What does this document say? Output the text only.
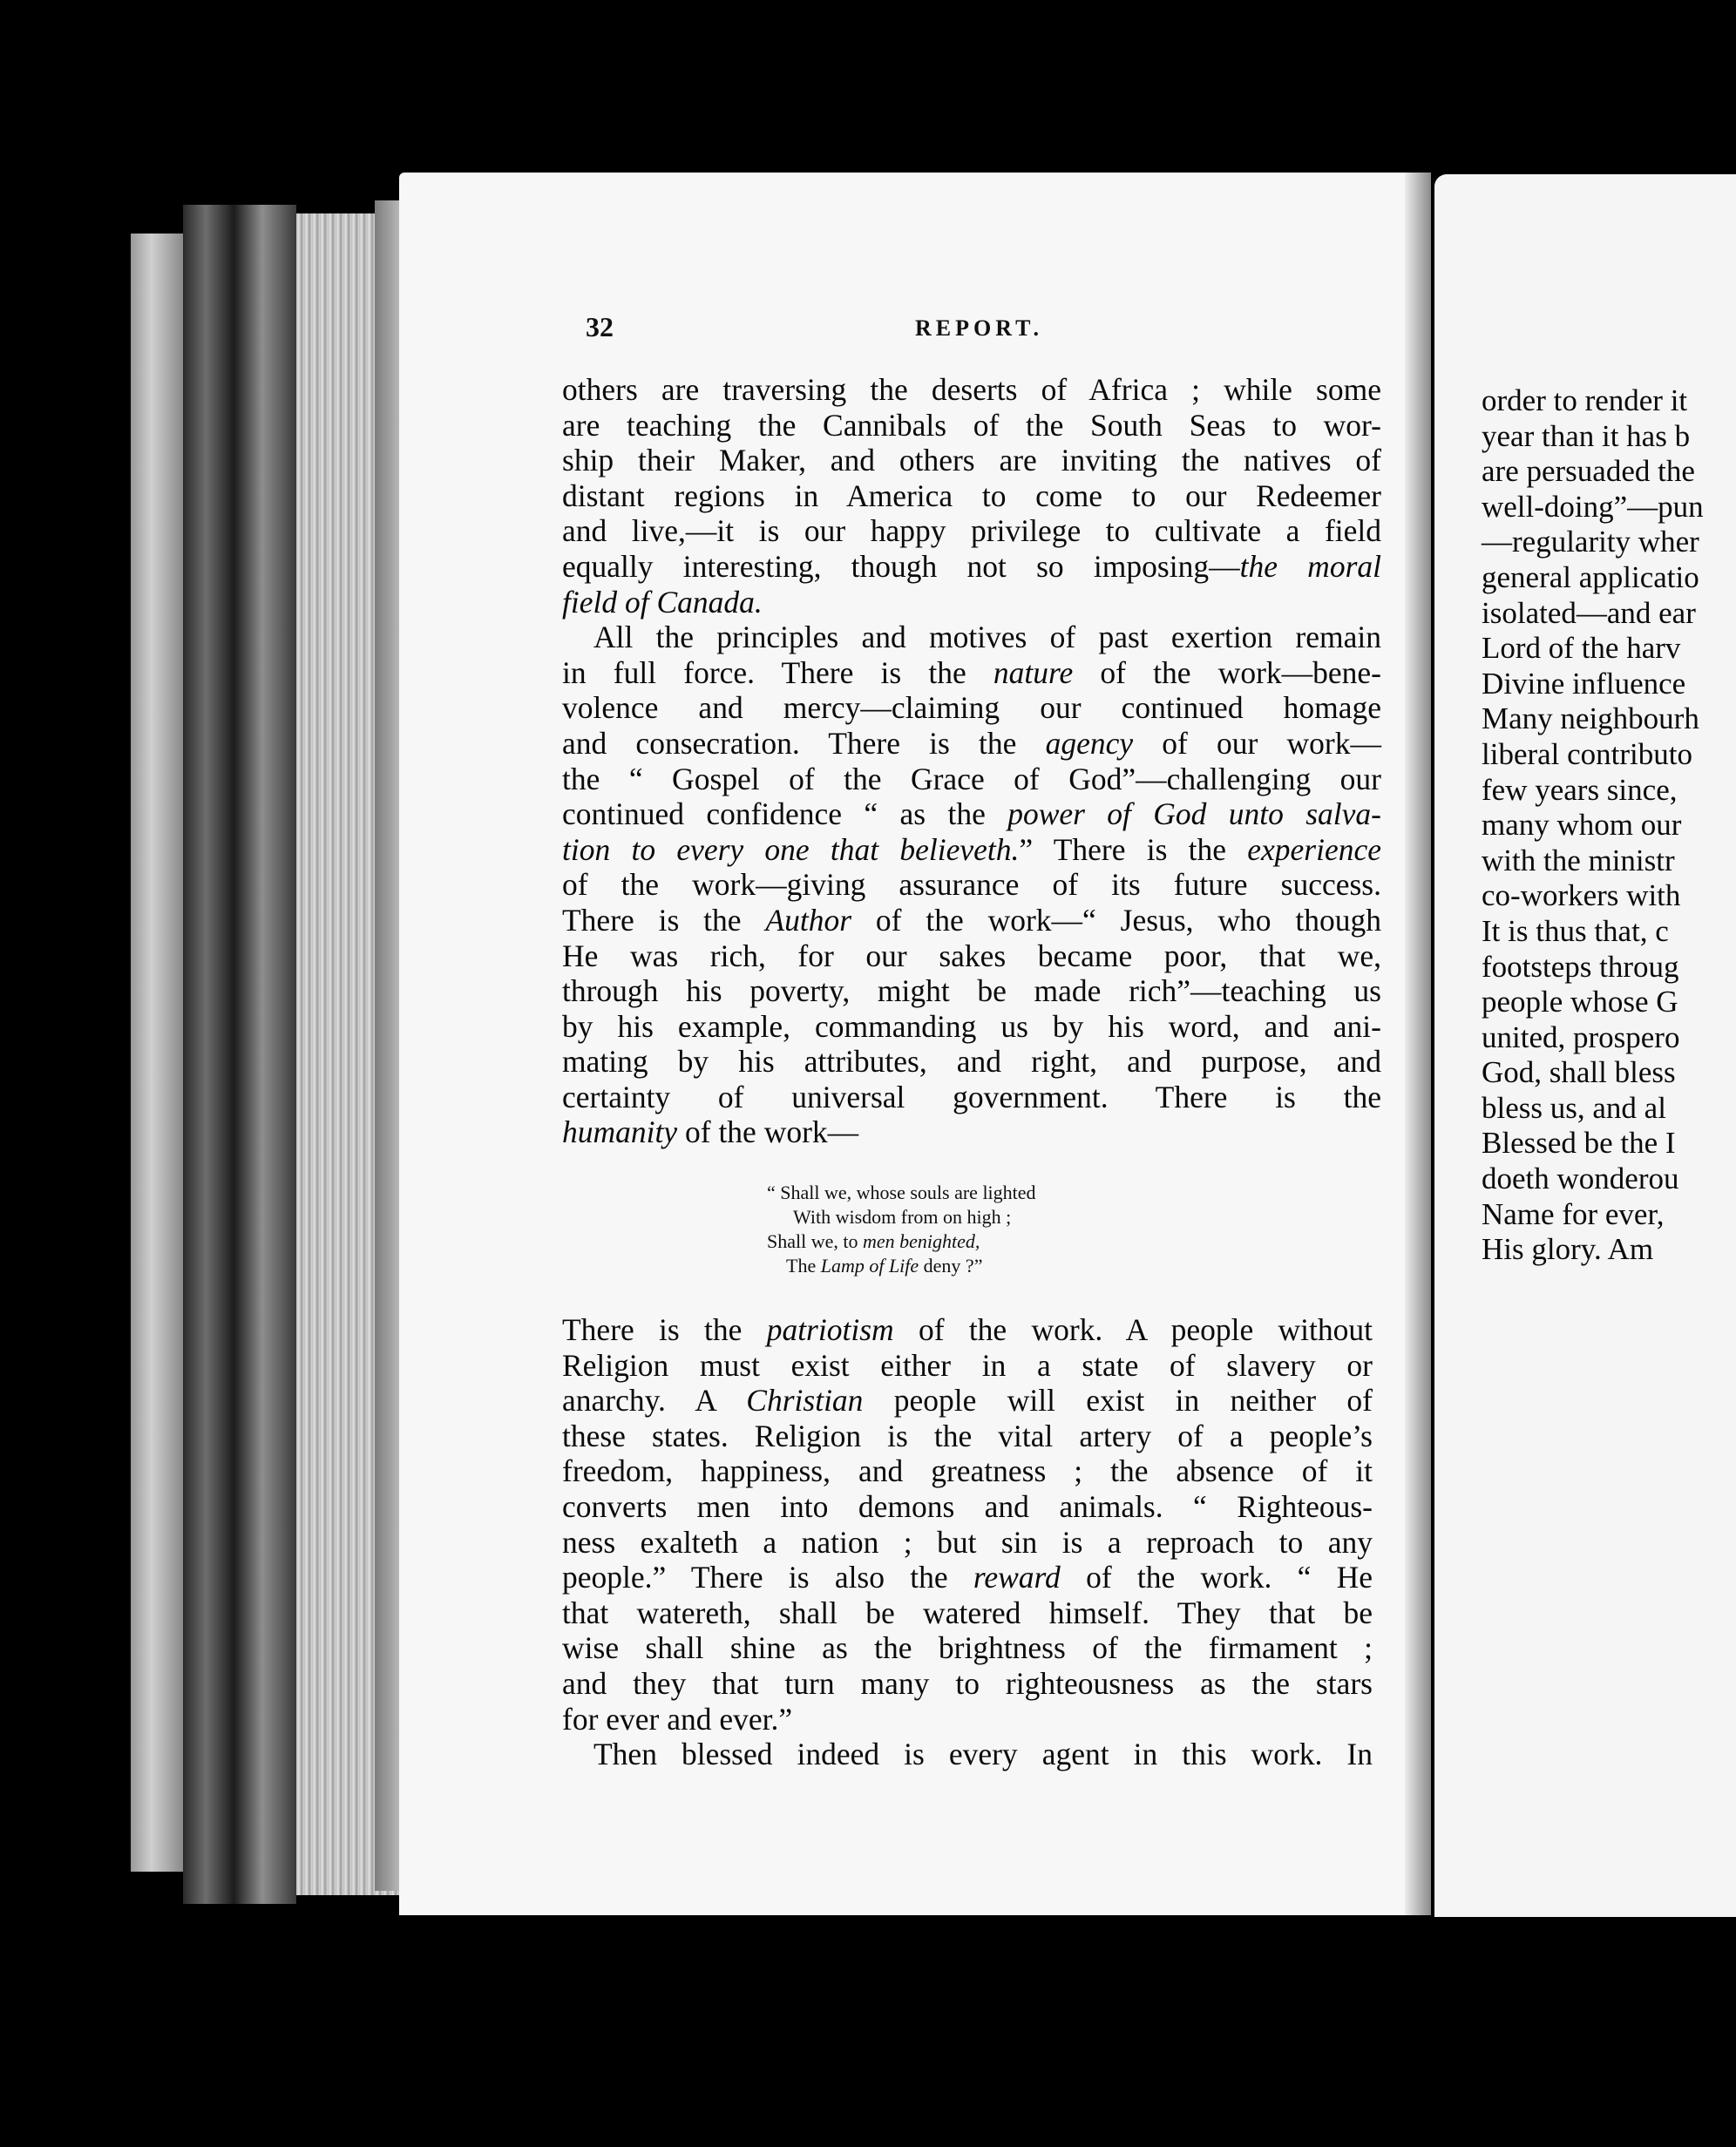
32	REPORT.
others are traversing the deserts of Africa ; while some
are teaching the Cannibals of the South Seas to wor-
ship their Maker, and others are inviting the natives of
distant regions in America to come to our Redeemer
and live,—it is our happy privilege to cultivate a field
equally interesting, though not so imposing—the moral
field of Canada.
All the principles and motives of past exertion remain
in full force. There is the nature of the work—bene-
volence and mercy—claiming our continued homage
and consecration. There is the agency of our work—
the “ Gospel of the Grace of God”—challenging our
continued confidence “ as the power of God unto salva-
tion to every one that believeth.” There is the experience
of the work—giving assurance of its future success.
There is the Author of the work—“ Jesus, who though
He was rich, for our sakes became poor, that we,
through his poverty, might be made rich”—teaching us
by his example, commanding us by his word, and ani-
mating by his attributes, and right, and purpose, and
certainty of universal government. There is the
humanity of the work—
“ Shall we, whose souls are lighted
With wisdom from on high ;
Shall we, to men benighted,
The Lamp of Life deny ?”
There is the patriotism of the work. A people without
Religion must exist either in a state of slavery or
anarchy. A Christian people will exist in neither of
these states. Religion is the vital artery of a people’s
freedom, happiness, and greatness ; the absence of it
converts men into demons and animals. “ Righteous-
ness exalteth a nation ; but sin is a reproach to any
people.” There is also the reward of the work. “ He
that watereth, shall be watered himself. They that be
wise shall shine as the brightness of the firmament ;
and they that turn many to righteousness as the stars
for ever and ever.”
Then blessed indeed is every agent in this work. In
order to render it
year than it has b
are persuaded the
well-doing”—pun
—regularity wher
general applicatio
isolated—and ear
Lord of the harv
Divine influence
Many neighbourh
liberal contributo
few years since,
many whom our
with the ministr
co-workers with
It is thus that, c
footsteps throug
people whose G
united, prospero
God, shall bless
bless us, and al
Blessed be the I
doeth wonderou
Name for ever,
His glory. Am
